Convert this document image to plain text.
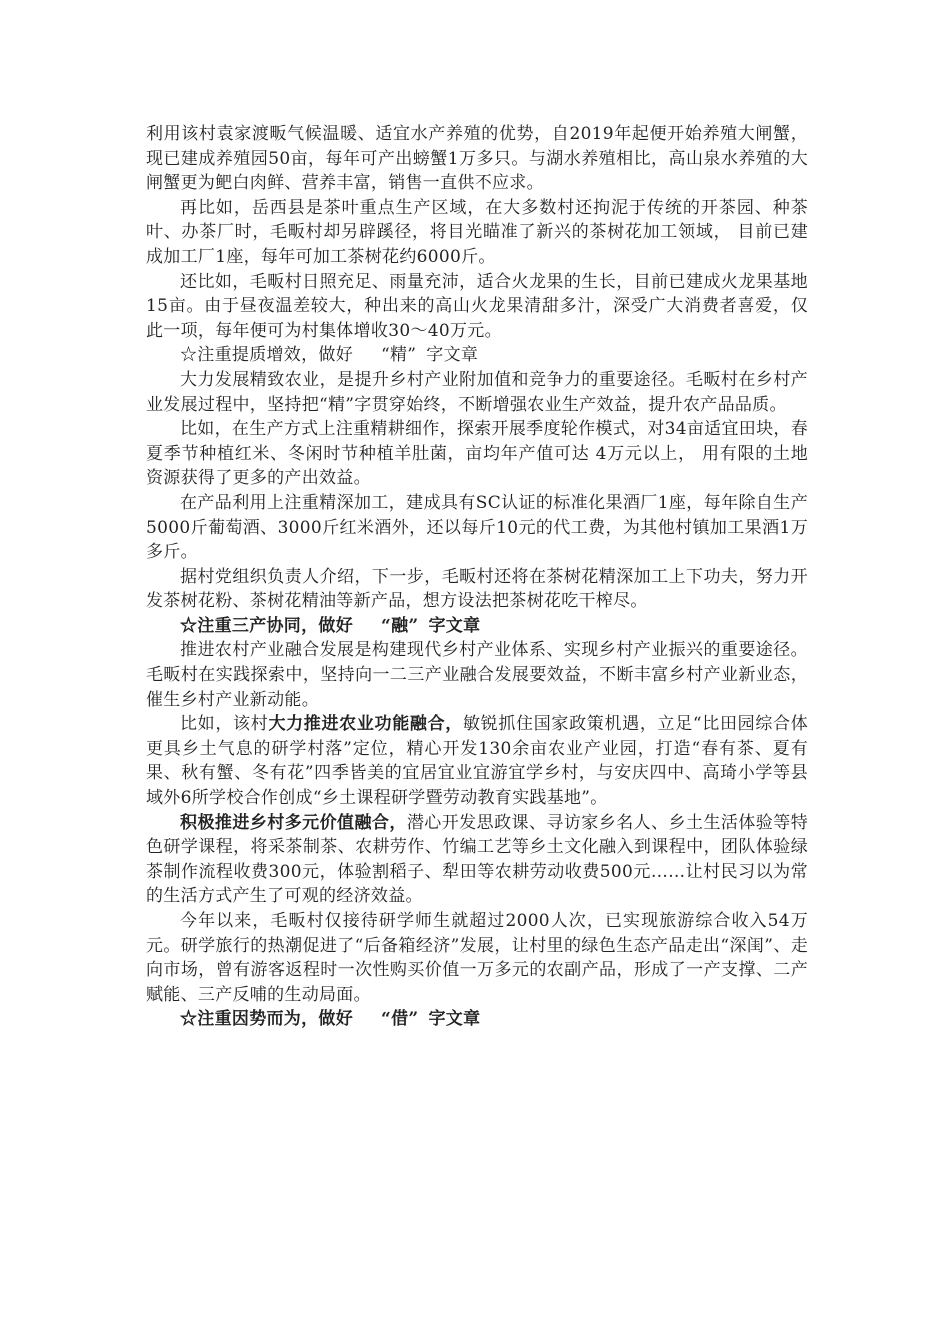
利用该村袁家渡畈气候温暖、适宜水产养殖的优势，自2019年起便开始养殖大闸蟹，现已建成养殖园50亩，每年可产出螃蟹1万多只。与湖水养殖相比，高山泉水养殖的大闸蟹更为鲃白肉鲜、营养丰富，销售一直供不应求。

再比如，岳西县是茶叶重点生产区域，在大多数村还拘泥于传统的开茶园、种茶叶、办茶厂时，毛畈村却另辟蹊径，将目光瞄准了新兴的茶树花加工领域， 目前已建成加工厂1座，每年可加工茶树花约6000斤。

还比如，毛畈村日照充足、雨量充沛，适合火龙果的生长，目前已建成火龙果基地15亩。由于昼夜温差较大，种出来的高山火龙果清甜多汁，深受广大消费者喜爱，仅此一项，每年便可为村集体增收30～40万元。

☆注重提质增效，做好 “精” 字文章

大力发展精致农业，是提升乡村产业附加值和竞争力的重要途径。毛畈村在乡村产业发展过程中，坚持把“精”字贯穿始终，不断增强农业生产效益，提升农产品品质。

比如，在生产方式上注重精耕细作，探索开展季度轮作模式，对34亩适宜田块，春夏季节种植红米、冬闲时节种植羊肚菌，亩均年产值可达 4万元以上， 用有限的土地资源获得了更多的产出效益。

在产品利用上注重精深加工，建成具有SC认证的标准化果酒厂1座，每年除自生产5000斤葡萄酒、3000斤红米酒外，还以每斤10元的代工费，为其他村镇加工果酒1万多斤。

据村党组织负责人介绍，下一步，毛畈村还将在茶树花精深加工上下功夫，努力开发茶树花粉、茶树花精油等新产品，想方设法把茶树花吃干榨尽。

☆注重三产协同，做好 “融” 字文章

推进农村产业融合发展是构建现代乡村产业体系、实现乡村产业振兴的重要途径。毛畈村在实践探索中，坚持向一二三产业融合发展要效益，不断丰富乡村产业新业态，催生乡村产业新动能。

比如，该村大力推进农业功能融合，敏锐抓住国家政策机遇，立足“比田园综合体更具乡土气息的研学村落”定位，精心开发130余亩农业产业园，打造“春有茶、夏有果、秋有蟹、冬有花”四季皆美的宜居宜业宜游宜学乡村，与安庆四中、高琦小学等县域外6所学校合作创成“乡土课程研学暨劳动教育实践基地”。

积极推进乡村多元价值融合，潜心开发思政课、寻访家乡名人、乡土生活体验等特色研学课程，将采茶制茶、农耕劳作、竹编工艺等乡土文化融入到课程中，团队体验绿茶制作流程收费300元，体验割稻子、犁田等农耕劳动收费500元……让村民习以为常的生活方式产生了可观的经济效益。

今年以来，毛畈村仅接待研学师生就超过2000人次，已实现旅游综合收入54万元。研学旅行的热潮促进了“后备箱经济”发展，让村里的绿色生态产品走出“深闺”、走向市场，曾有游客返程时一次性购买价值一万多元的农副产品，形成了一产支撑、二产赋能、三产反哺的生动局面。

☆注重因势而为，做好 “借” 字文章
